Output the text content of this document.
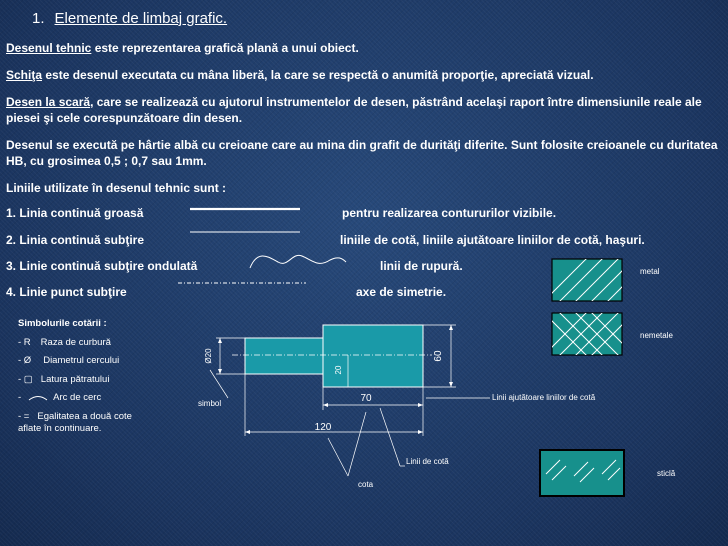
1. Elemente de limbaj grafic.
Desenul tehnic este reprezentarea grafică plană a unui obiect.
Schiţa este desenul executata cu mâna liberă, la care se respectă o anumită proporţie, apreciată vizual.
Desen la scară, care se realizează cu ajutorul instrumentelor de desen, păstrând acelaşi raport între dimensiunile reale ale piesei şi cele corespunzătoare din desen.
Desenul se execută pe hârtie albă cu creioane care au mina din grafit de durităţi diferite. Sunt folosite creioanele cu duritatea HB, cu grosimea 0,5 ; 0,7 sau 1mm.
Liniile utilizate în desenul tehnic sunt :
1. Linia continuă groasă	pentru realizarea contururilor vizibile.
2. Linia continuă subţire	liniile de cotă, liniile ajutătoare liniilor de cotă, haşuri.
3. Linie continuă subţire ondulată	linii de rupură.
4. Linie punct subţire	axe de simetrie.
Simbolurile cotării :
- R Raza de curbură
- Ø Diametrul cercului
- ▢ Latura pătratului
-	Arc de cerc
- = Egalitatea a două cote
aflate în continuare.
Ø20
20
60
70
120
simbol
Linii ajutătoare liniilor de cotă
Linii de cotă
cota
metal
nemetale
sticlă
